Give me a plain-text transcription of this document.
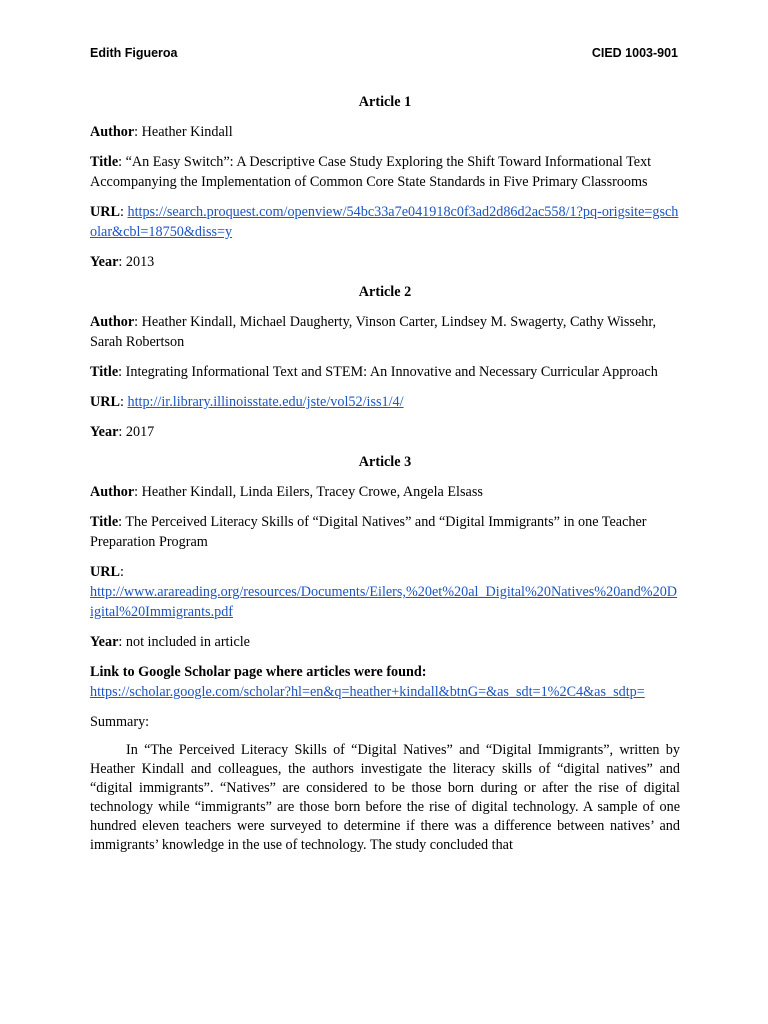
Edith Figueroa	CIED 1003-901

Article 1

Author: Heather Kindall

Title: “An Easy Switch”: A Descriptive Case Study Exploring the Shift Toward Informational Text Accompanying the Implementation of Common Core State Standards in Five Primary Classrooms

URL: https://search.proquest.com/openview/54bc33a7e041918c0f3ad2d86d2ac558/1?pq-origsite=gscholar&cbl=18750&diss=y

Year: 2013

Article 2

Author: Heather Kindall, Michael Daugherty, Vinson Carter, Lindsey M. Swagerty, Cathy Wissehr, Sarah Robertson

Title: Integrating Informational Text and STEM: An Innovative and Necessary Curricular Approach

URL: http://ir.library.illinoisstate.edu/jste/vol52/iss1/4/

Year: 2017

Article 3

Author: Heather Kindall, Linda Eilers, Tracey Crowe, Angela Elsass

Title: The Perceived Literacy Skills of “Digital Natives” and “Digital Immigrants” in one Teacher Preparation Program

URL:
http://www.arareading.org/resources/Documents/Eilers,%20et%20al_Digital%20Natives%20and%20Digital%20Immigrants.pdf

Year: not included in article

Link to Google Scholar page where articles were found:

https://scholar.google.com/scholar?hl=en&q=heather+kindall&btnG=&as_sdt=1%2C4&as_sdtp=

Summary:

In “The Perceived Literacy Skills of “Digital Natives” and “Digital Immigrants”, written by Heather Kindall and colleagues, the authors investigate the literacy skills of “digital natives” and “digital immigrants”. “Natives” are considered to be those born during or after the rise of digital technology while “immigrants” are those born before the rise of digital technology. A sample of one hundred eleven teachers were surveyed to determine if there was a difference between natives’ and immigrants’ knowledge in the use of technology. The study concluded that
